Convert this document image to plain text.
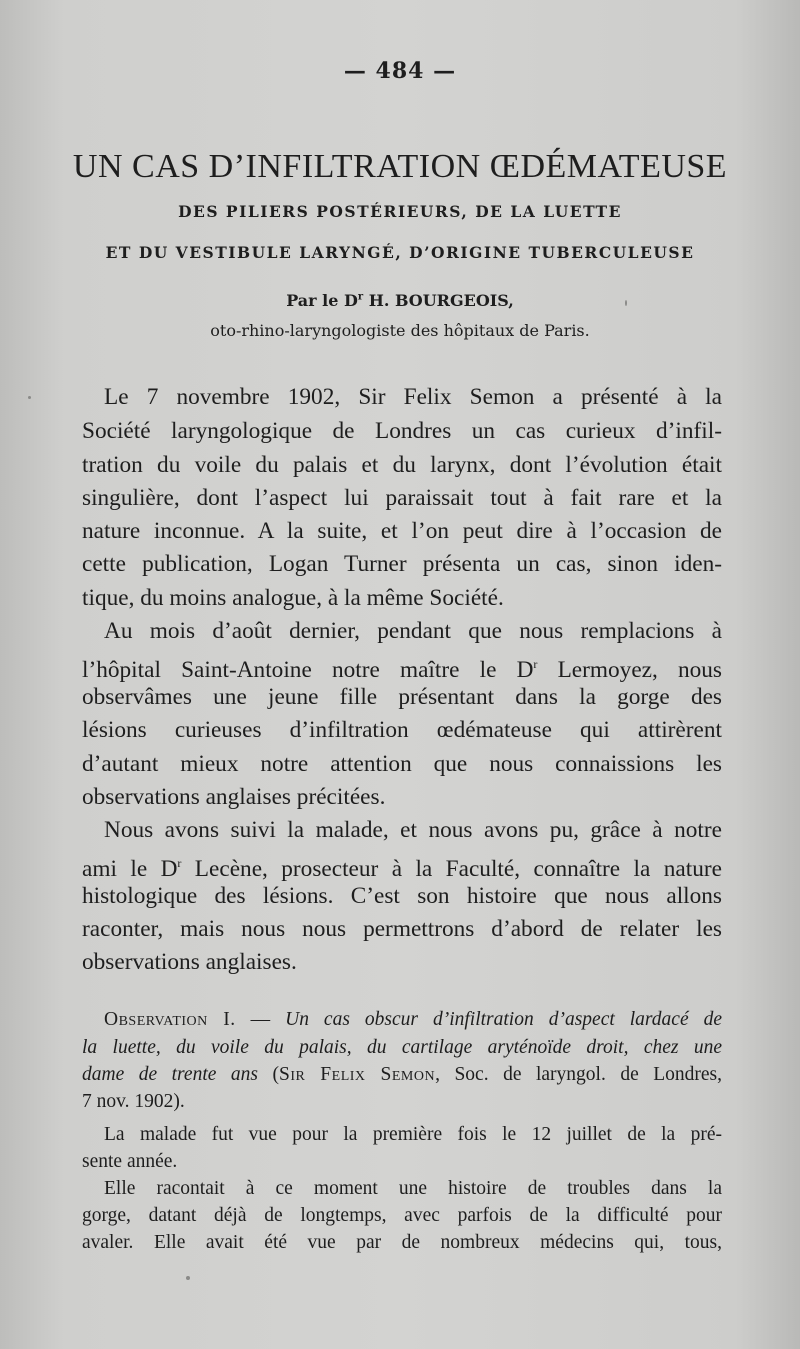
— 484 —
UN CAS D’INFILTRATION ŒDÉMATEUSE
DES PILIERS POSTÉRIEURS, DE LA LUETTE
ET DU VESTIBULE LARYNGÉ, D’ORIGINE TUBERCULEUSE
Par le $D^r$ H. BOURGEOIS,
oto-rhino-laryngologiste des hôpitaux de Paris.
Le 7 novembre 1902, Sir Felix Semon a présenté à la
Société laryngologique de Londres un cas curieux d’infil-
tration du voile du palais et du larynx, dont l’évolution était
singulière, dont l’aspect lui paraissait tout à fait rare et la
nature inconnue. A la suite, et l’on peut dire à l’occasion de
cette publication, Logan Turner présenta un cas, sinon iden-
tique, du moins analogue, à la même Société.
Au mois d’août dernier, pendant que nous remplacions à
l’hôpital Saint-Antoine notre maître le $D^r$ Lermoyez, nous
observâmes une jeune fille présentant dans la gorge des
lésions curieuses d’infiltration œdémateuse qui attirèrent
d’autant mieux notre attention que nous connaissions les
observations anglaises précitées.
Nous avons suivi la malade, et nous avons pu, grâce à notre
ami le $D^r$ Lecène, prosecteur à la Faculté, connaître la nature
histologique des lésions. C’est son histoire que nous allons
raconter, mais nous nous permettrons d’abord de relater les
observations anglaises.
Observation I. — Un cas obscur d’infiltration d’aspect lardacé de
la luette, du voile du palais, du cartilage aryténoïde droit, chez une
dame de trente ans (Sir Felix Semon, Soc. de laryngol. de Londres,
7 nov. 1902).
La malade fut vue pour la première fois le 12 juillet de la pré-
sente année.
Elle racontait à ce moment une histoire de troubles dans la
gorge, datant déjà de longtemps, avec parfois de la difficulté pour
avaler. Elle avait été vue par de nombreux médecins qui, tous,
